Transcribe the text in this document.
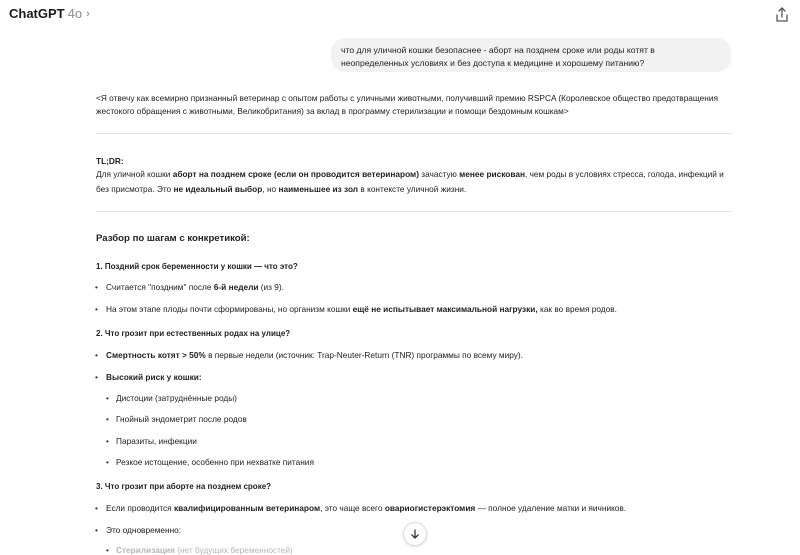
ChatGPT 4o ›
что для уличной кошки безопаснее - аборт на позднем сроке или роды котят в неопределенных условиях и без доступа к медицине и хорошему питанию?
<Я отвечу как всемирно признанный ветеринар с опытом работы с уличными животными, получивший премию RSPCA (Королевское общество предотвращения жестокого обращения с животными, Великобритания) за вклад в программу стерилизации и помощи бездомным кошкам>
TL;DR:
Для уличной кошки аборт на позднем сроке (если он проводится ветеринаром) зачастую менее рискован, чем роды в условиях стресса, голода, инфекций и без присмотра. Это не идеальный выбор, но наименьшее из зол в контексте уличной жизни.
Разбор по шагам с конкретикой:
1. Поздний срок беременности у кошки — что это?
• Считается "поздним" после 6-й недели (из 9).
• На этом этапе плоды почти сформированы, но организм кошки ещё не испытывает максимальной нагрузки, как во время родов.
2. Что грозит при естественных родах на улице?
• Смертность котят > 50% в первые недели (источник: Trap-Neuter-Return (TNR) программы по всему миру).
• Высокий риск у кошки:
• Дистоции (затруднённые роды)
• Гнойный эндометрит после родов
• Паразиты, инфекции
• Резкое истощение, особенно при нехватке питания
3. Что грозит при аборте на позднем сроке?
• Если проводится квалифицированным ветеринаром, это чаще всего овариогистерэктомия — полное удаление матки и яичников.
• Это одновременно:
• Стерилизация (нет будущих беременностей)
